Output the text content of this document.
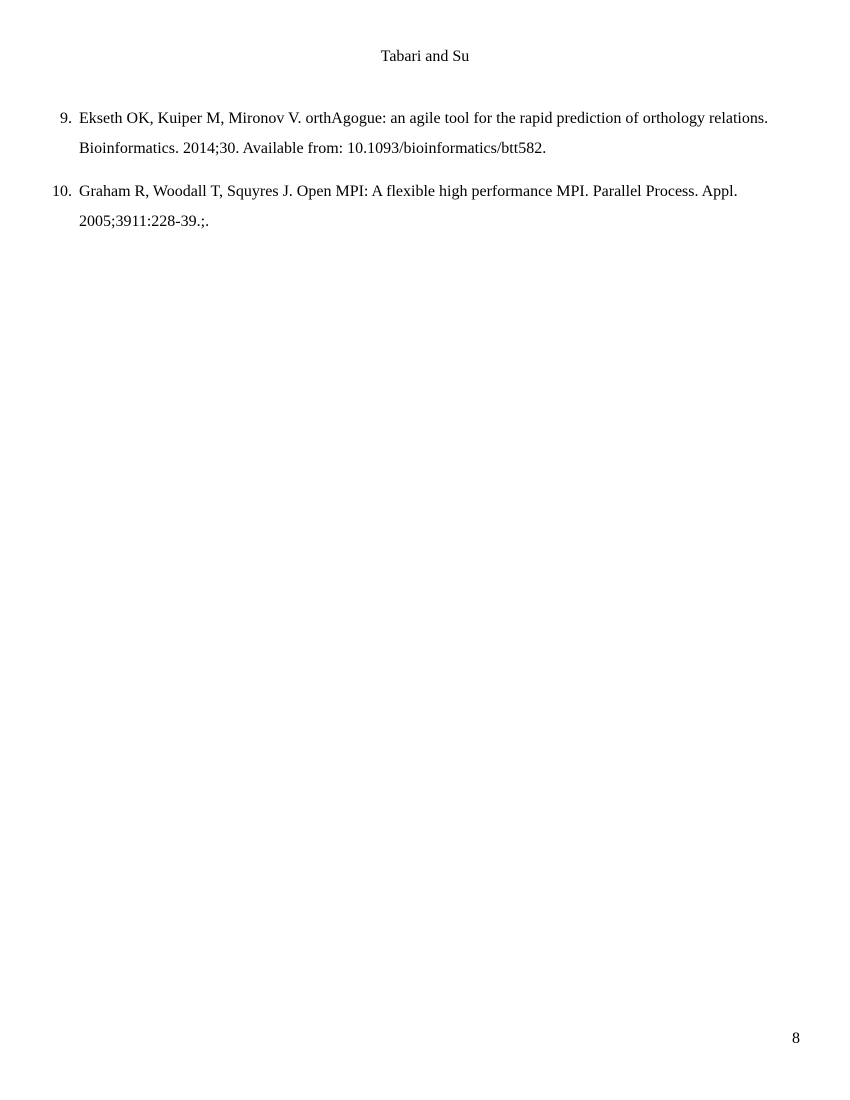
Tabari and Su
9. Ekseth OK, Kuiper M, Mironov V. orthAgogue: an agile tool for the rapid prediction of orthology relations. Bioinformatics. 2014;30. Available from: 10.1093/bioinformatics/btt582.
10. Graham R, Woodall T, Squyres J. Open MPI: A flexible high performance MPI. Parallel Process. Appl. 2005;3911:228-39.;.
8
